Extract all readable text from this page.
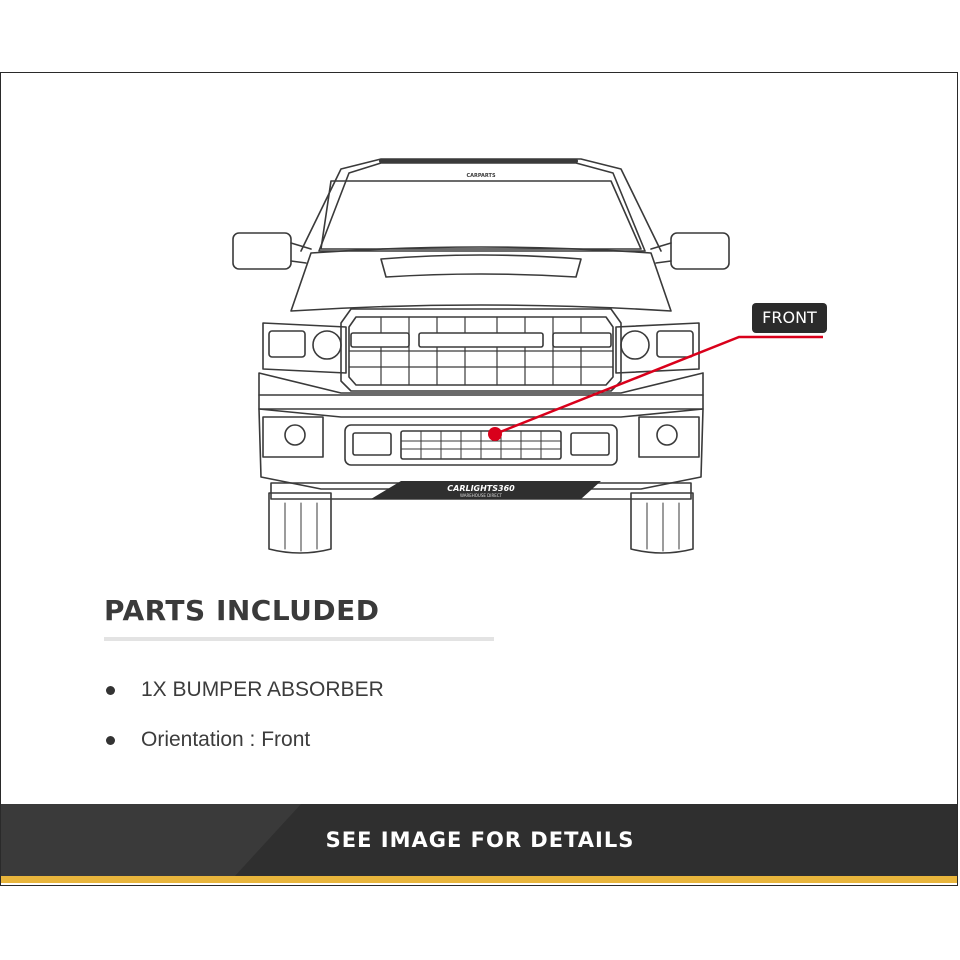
CARLIGHTS360
WAREHOUSE DIRECT
CARPARTS
FRONT
PARTS INCLUDED
1X BUMPER ABSORBER
Orientation : Front
SEE IMAGE FOR DETAILS
